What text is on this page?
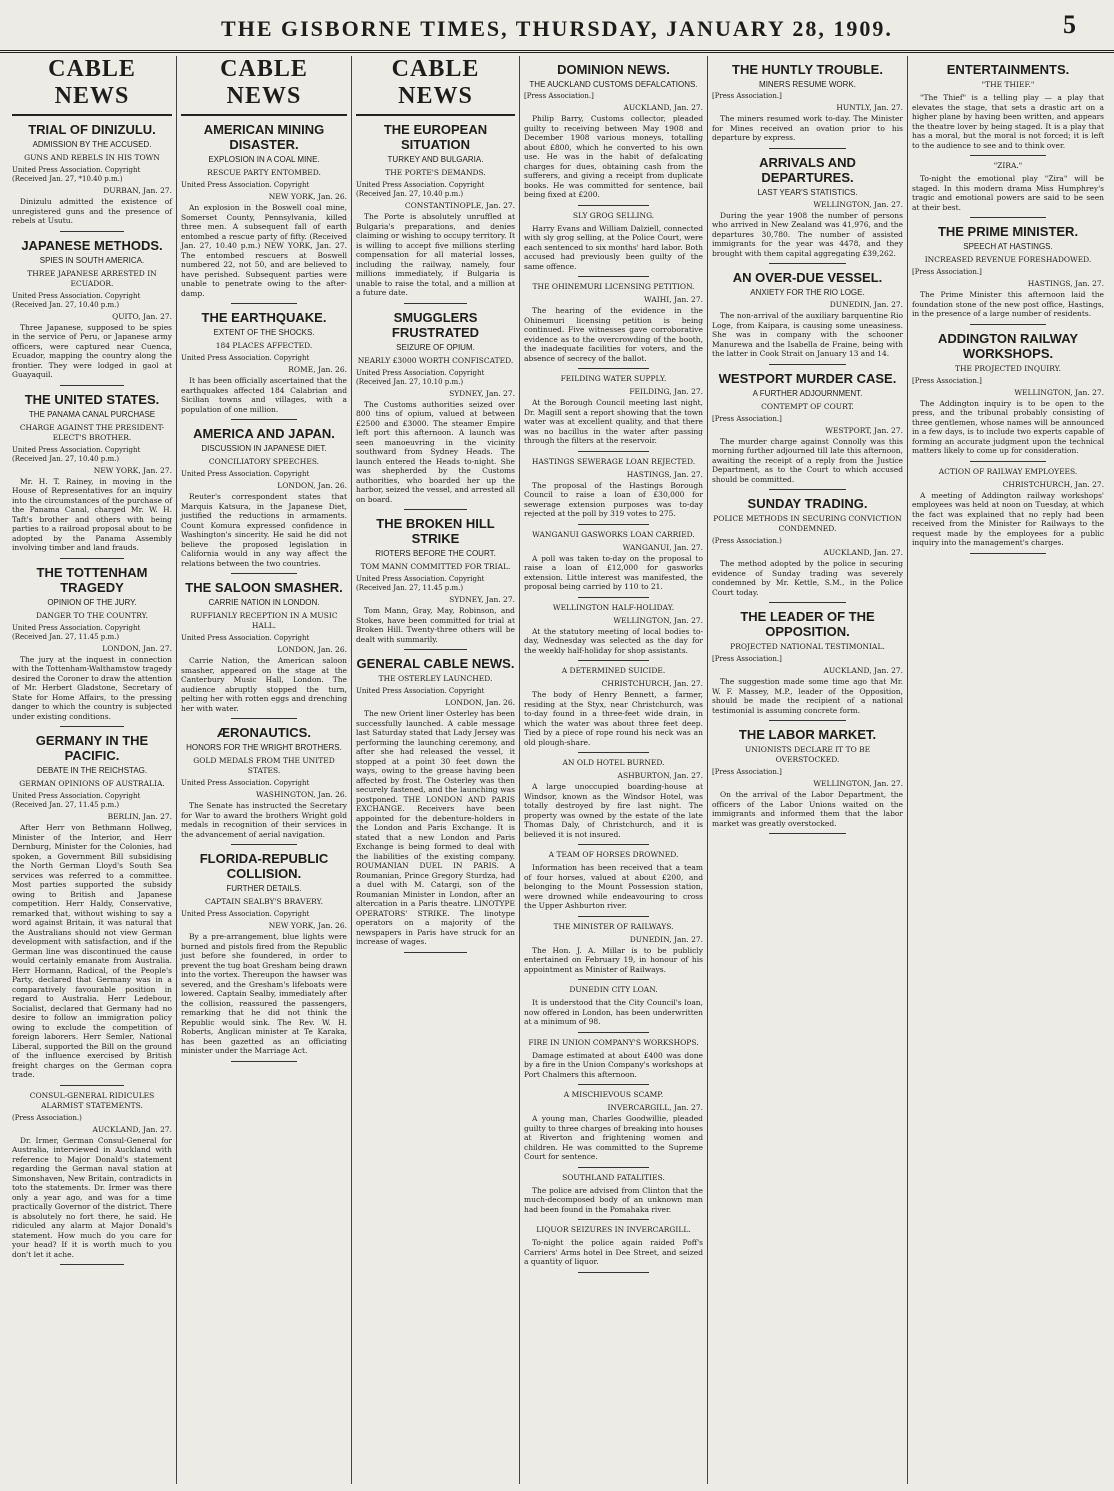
THE GISBORNE TIMES, THURSDAY, JANUARY 28, 1909.	5
CABLE NEWS
TRIAL OF DINIZULU.
ADMISSION BY THE ACCUSED.
GUNS AND REBELS IN HIS TOWN
United Press Association. Copyright (Received Jan. 27, *10.40 p.m.)
DURBAN, Jan. 27.
Dinizulu admitted the existence of unregistered guns and the presence of rebels at Usutu.
JAPANESE METHODS.
SPIES IN SOUTH AMERICA.
THREE JAPANESE ARRESTED IN ECUADOR.
United Press Association. Copyright (Received Jan. 27, 10.40 p.m.)
QUITO, Jan. 27.
Three Japanese, supposed to be spies in the service of Peru, or Japanese army officers, were captured near Cuenca, Ecuador, mapping the country along the frontier. They were lodged in gaol at Guayaquil.
THE UNITED STATES.
THE PANAMA CANAL PURCHASE
CHARGE AGAINST THE PRESIDENT-ELECT'S BROTHER.
United Press Association. Copyright (Received Jan. 27, 10.40 p.m.)
NEW YORK, Jan. 27.
Mr. H. T. Rainey, in moving in the House of Representatives for an inquiry into the circumstances of the purchase of the Panama Canal, charged Mr. W. H. Taft's brother and others with being parties to a railroad proposal about to be adopted by the Panama Assembly involving timber and land frauds.
THE TOTTENHAM TRAGEDY
OPINION OF THE JURY.
DANGER TO THE COUNTRY.
United Press Association. Copyright (Received Jan. 27, 11.45 p.m.)
LONDON, Jan. 27.
The jury at the inquest in connection with the Tottenham-Walthamstow tragedy desired the Coroner to draw the attention of Mr. Herbert Gladstone, Secretary of State for Home Affairs, to the pressing danger to which the country is subjected under existing conditions.
GERMANY IN THE PACIFIC.
DEBATE IN THE REICHSTAG.
GERMAN OPINIONS OF AUSTRALIA.
United Press Association. Copyright (Received Jan. 27, 11.45 p.m.)
BERLIN, Jan. 27.
After Herr von Bethmann Hollweg, Minister of the Interior, and Herr Dernburg, Minister for the Colonies, had spoken, a Government Bill subsidising the North German Lloyd's South Sea services was referred to a committee. Most parties supported the subsidy owing to British and Japanese competition. Herr Haldy, Conservative, remarked that, without wishing to say a word against Britain, it was natural that the Australians should not view German development with satisfaction, and if the German line was discontinued the cause would certainly emanate from Australia. Herr Hormann, Radical, of the People's Party, declared that Germany was in a comparatively favourable position in regard to Australia. Herr Ledebour, Socialist, declared that Germany had no desire to follow an immigration policy owing to exclude the competition of foreign laborers. Herr Semler, National Liberal, supported the Bill on the ground of the influence exercised by British freight charges on the German copra trade.
CONSUL-GENERAL RIDICULES ALARMIST STATEMENTS.
(Press Association.)
AUCKLAND, Jan. 27.
Dr. Irmer, German Consul-General for Australia, interviewed in Auckland with reference to Major Donald's statement regarding the German naval station at Simonshaven, New Britain, contradicts in toto the statements. Dr. Irmer was there only a year ago, and was for a time practically Governor of the district. There is absolutely no fort there, he said. He ridiculed any alarm at Major Donald's statement. How much do you care for your head? If it is worth much to you don't let it ache.
CABLE NEWS
AMERICAN MINING DISASTER.
EXPLOSION IN A COAL MINE.
RESCUE PARTY ENTOMBED.
United Press Association. Copyright
NEW YORK, Jan. 26.
An explosion in the Boswell coal mine, Somerset County, Pennsylvania, killed three men. A subsequent fall of earth entombed a rescue party of fifty. (Received Jan. 27, 10.40 p.m.) NEW YORK, Jan. 27. The entombed rescuers at Boswell numbered 22, not 50, and are believed to have perished. Subsequent parties were unable to penetrate owing to the after-damp.
THE EARTHQUAKE.
EXTENT OF THE SHOCKS.
184 PLACES AFFECTED.
United Press Association. Copyright
ROME, Jan. 26.
It has been officially ascertained that the earthquakes affected 184 Calabrian and Sicilian towns and villages, with a population of one million.
AMERICA AND JAPAN.
DISCUSSION IN JAPANESE DIET.
CONCILIATORY SPEECHES.
United Press Association. Copyright
LONDON, Jan. 26.
Reuter's correspondent states that Marquis Katsura, in the Japanese Diet, justified the reductions in armaments. Count Komura expressed confidence in Washington's sincerity. He said he did not believe the proposed legislation in California would in any way affect the relations between the two countries.
THE SALOON SMASHER.
CARRIE NATION IN LONDON.
RUFFIANLY RECEPTION IN A MUSIC HALL.
United Press Association. Copyright
LONDON, Jan. 26.
Carrie Nation, the American saloon smasher, appeared on the stage at the Canterbury Music Hall, London. The audience abruptly stopped the turn, pelting her with rotten eggs and drenching her with water.
ÆRONAUTICS.
HONORS FOR THE WRIGHT BROTHERS.
GOLD MEDALS FROM THE UNITED STATES.
United Press Association. Copyright
WASHINGTON, Jan. 26.
The Senate has instructed the Secretary for War to award the brothers Wright gold medals in recognition of their services in the advancement of aerial navigation.
FLORIDA-REPUBLIC COLLISION.
FURTHER DETAILS.
CAPTAIN SEALBY'S BRAVERY.
United Press Association. Copyright
NEW YORK, Jan. 26.
By a pre-arrangement, blue lights were burned and pistols fired from the Republic just before she foundered, in order to prevent the tug boat Gresham being drawn into the vortex. Thereupon the hawser was severed, and the Gresham's lifeboats were lowered. Captain Sealby, immediately after the collision, reassured the passengers, remarking that he did not think the Republic would sink. The Rev. W. H. Roberts, Anglican minister at Te Karaka, has been gazetted as an officiating minister under the Marriage Act.
CABLE NEWS
THE EUROPEAN SITUATION
TURKEY AND BULGARIA.
THE PORTE'S DEMANDS.
United Press Association. Copyright (Received Jan. 27, 10.40 p.m.)
CONSTANTINOPLE, Jan. 27.
The Porte is absolutely unruffled at Bulgaria's preparations, and denies claiming or wishing to occupy territory. It is willing to accept five millions sterling compensation for all material losses, including the railway, namely, four millions immediately, if Bulgaria is unable to raise the total, and a million at a future date.
SMUGGLERS FRUSTRATED
SEIZURE OF OPIUM.
NEARLY £3000 WORTH CONFISCATED.
United Press Association. Copyright (Received Jan. 27, 10.10 p.m.)
SYDNEY, Jan. 27.
The Customs authorities seized over 800 tins of opium, valued at between £2500 and £3000. The steamer Empire left port this afternoon. A launch was seen manoeuvring in the vicinity southward from Sydney Heads. The launch entered the Heads to-night. She was shepherded by the Customs authorities, who boarded her up the harbor, seized the vessel, and arrested all on board.
THE BROKEN HILL STRIKE
RIOTERS BEFORE THE COURT.
TOM MANN COMMITTED FOR TRIAL.
United Press Association. Copyright (Received Jan. 27, 11.45 p.m.)
SYDNEY, Jan. 27.
Tom Mann, Gray, May, Robinson, and Stokes, have been committed for trial at Broken Hill. Twenty-three others will be dealt with summarily.
GENERAL CABLE NEWS.
THE OSTERLEY LAUNCHED.
United Press Association. Copyright
LONDON, Jan. 26.
The new Orient liner Osterley has been successfully launched. A cable message last Saturday stated that Lady Jersey was performing the launching ceremony, and after she had released the vessel, it stopped at a point 30 feet down the ways, owing to the grease having been affected by frost. The Osterley was then securely fastened, and the launching was postponed. THE LONDON AND PARIS EXCHANGE. Receivers have been appointed for the debenture-holders in the London and Paris Exchange. It is stated that a new London and Paris Exchange is being formed to deal with the liabilities of the existing company. ROUMANIAN DUEL IN PARIS. A Roumanian, Prince Gregory Sturdza, had a duel with M. Catargi, son of the Roumanian Minister in London, after an altercation in a Paris theatre. LINOTYPE OPERATORS' STRIKE. The linotype operators on a majority of the newspapers in Paris have struck for an increase of wages.
DOMINION NEWS.
THE AUCKLAND CUSTOMS DEFALCATIONS.
[Press Association.]
AUCKLAND, Jan. 27.
Philip Barry, Customs collector, pleaded guilty to receiving between May 1908 and December 1908 various moneys, totalling about £800, which he converted to his own use. He was in the habit of defalcating charges for dues, obtaining cash from the sufferers, and giving a receipt from duplicate books. He was committed for sentence, bail being fixed at £200.
SLY GROG SELLING.
Harry Evans and William Dalziell, connected with sly grog selling, at the Police Court, were each sentenced to six months' hard labor. Both accused had previously been guilty of the same offence.
THE OHINEMURI LICENSING PETITION.
WAIHI, Jan. 27.
The hearing of the evidence in the Ohinemuri licensing petition is being continued. Five witnesses gave corroborative evidence as to the overcrowding of the booth, the inadequate facilities for voters, and the absence of secrecy of the ballot.
FEILDING WATER SUPPLY.
FEILDING, Jan. 27.
At the Borough Council meeting last night, Dr. Magill sent a report showing that the town water was at excellent quality, and that there was no bacillus in the water after passing through the filters at the reservoir.
HASTINGS SEWERAGE LOAN REJECTED.
HASTINGS, Jan. 27.
The proposal of the Hastings Borough Council to raise a loan of £30,000 for sewerage extension purposes was to-day rejected at the poll by 319 votes to 275.
WANGANUI GASWORKS LOAN CARRIED.
WANGANUI, Jan. 27.
A poll was taken to-day on the proposal to raise a loan of £12,000 for gasworks extension. Little interest was manifested, the proposal being carried by 110 to 21.
WELLINGTON HALF-HOLIDAY.
WELLINGTON, Jan. 27.
At the statutory meeting of local bodies to-day, Wednesday was selected as the day for the weekly half-holiday for shop assistants.
A DETERMINED SUICIDE.
CHRISTCHURCH, Jan. 27.
The body of Henry Bennett, a farmer, residing at the Styx, near Christchurch, was to-day found in a three-feet wide drain, in which the water was about three feet deep. Tied by a piece of rope round his neck was an old plough-share.
AN OLD HOTEL BURNED.
ASHBURTON, Jan. 27.
A large unoccupied boarding-house at Windsor, known as the Windsor Hotel, was totally destroyed by fire last night. The property was owned by the estate of the late Thomas Daly, of Christchurch, and it is believed it is not insured.
A TEAM OF HORSES DROWNED.
Information has been received that a team of four horses, valued at about £200, and belonging to the Mount Possession station, were drowned while endeavouring to cross the Upper Ashburton river.
THE MINISTER OF RAILWAYS.
DUNEDIN, Jan. 27.
The Hon. J. A. Millar is to be publicly entertained on February 19, in honour of his appointment as Minister of Railways.
DUNEDIN CITY LOAN.
It is understood that the City Council's loan, now offered in London, has been underwritten at a minimum of 98.
FIRE IN UNION COMPANY'S WORKSHOPS.
Damage estimated at about £400 was done by a fire in the Union Company's workshops at Port Chalmers this afternoon.
A MISCHIEVOUS SCAMP.
INVERCARGILL, Jan. 27.
A young man, Charles Goodwillie, pleaded guilty to three charges of breaking into houses at Riverton and frightening women and children. He was committed to the Supreme Court for sentence.
SOUTHLAND FATALITIES.
The police are advised from Clinton that the much-decomposed body of an unknown man had been found in the Pomahaka river.
LIQUOR SEIZURES IN INVERCARGILL.
To-night the police again raided Poff's Carriers' Arms hotel in Dee Street, and seized a quantity of liquor.
THE HUNTLY TROUBLE.
MINERS RESUME WORK.
[Press Association.]
HUNTLY, Jan. 27.
The miners resumed work to-day. The Minister for Mines received an ovation prior to his departure by express.
ARRIVALS AND DEPARTURES.
LAST YEAR'S STATISTICS.
WELLINGTON, Jan. 27.
During the year 1908 the number of persons who arrived in New Zealand was 41,976, and the departures 30,780. The number of assisted immigrants for the year was 4478, and they brought with them capital aggregating £39,262.
AN OVER-DUE VESSEL.
ANXIETY FOR THE RIO LOGE.
DUNEDIN, Jan. 27.
The non-arrival of the auxiliary barquentine Rio Loge, from Kaipara, is causing some uneasiness. She was in company with the schooner Manurewa and the Isabella de Fraine, being with the latter in Cook Strait on January 13 and 14.
WESTPORT MURDER CASE.
A FURTHER ADJOURNMENT.
CONTEMPT OF COURT.
[Press Association.]
WESTPORT, Jan. 27.
The murder charge against Connolly was this morning further adjourned till late this afternoon, awaiting the receipt of a reply from the Justice Department, as to the Court to which accused should be committed.
SUNDAY TRADING.
POLICE METHODS IN SECURING CONVICTION CONDEMNED.
(Press Association.)
AUCKLAND, Jan. 27.
The method adopted by the police in securing evidence of Sunday trading was severely condemned by Mr. Kettle, S.M., in the Police Court today.
THE LEADER OF THE OPPOSITION.
PROJECTED NATIONAL TESTIMONIAL.
[Press Association.]
AUCKLAND, Jan. 27.
The suggestion made some time ago that Mr. W. F. Massey, M.P., leader of the Opposition, should be made the recipient of a national testimonial is assuming concrete form.
THE LABOR MARKET.
UNIONISTS DECLARE IT TO BE OVERSTOCKED.
[Press Association.]
WELLINGTON, Jan. 27.
On the arrival of the Labor Department, the officers of the Labor Unions waited on the immigrants and informed them that the labor market was greatly overstocked.
ENTERTAINMENTS.
"THE THIEF."
"The Thief" is a telling play — a play that elevates the stage, that sets a drastic art on a higher plane by having been written, and appears the theatre lover by being staged. It is a play that has a moral, but the moral is not forced; it is left to the audience to see and to think over.
"ZIRA."
To-night the emotional play "Zira" will be staged. In this modern drama Miss Humphrey's tragic and emotional powers are said to be seen at their best.
THE PRIME MINISTER.
SPEECH AT HASTINGS.
INCREASED REVENUE FORESHADOWED.
[Press Association.]
HASTINGS, Jan. 27.
The Prime Minister this afternoon laid the foundation stone of the new post office, Hastings, in the presence of a large number of residents.
ADDINGTON RAILWAY WORKSHOPS.
THE PROJECTED INQUIRY.
[Press Association.]
WELLINGTON, Jan. 27.
The Addington inquiry is to be open to the press, and the tribunal probably consisting of three gentlemen, whose names will be announced in a few days, is to include two experts capable of forming an accurate judgment upon the technical matters likely to come up for consideration.
ACTION OF RAILWAY EMPLOYEES.
CHRISTCHURCH, Jan. 27.
A meeting of Addington railway workshops' employees was held at noon on Tuesday, at which the fact was explained that no reply had been received from the Minister for Railways to the request made by the employees for a public inquiry into the management's charges.
